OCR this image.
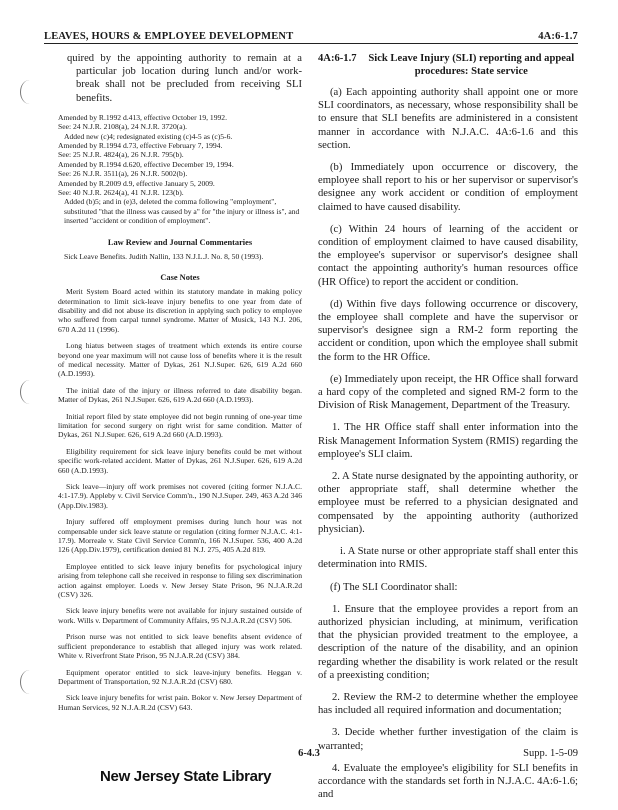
LEAVES, HOURS & EMPLOYEE DEVELOPMENT	4A:6-1.7

quired by the appointing authority to remain at a particular job location during lunch and/or work-break shall not be precluded from receiving SLI benefits.

Amended by R.1992 d.413, effective October 19, 1992.
See: 24 N.J.R. 2108(a), 24 N.J.R. 3720(a).
Added new (c)4; redesignated existing (c)4-5 as (c)5-6.
Amended by R.1994 d.73, effective February 7, 1994.
See: 25 N.J.R. 4824(a), 26 N.J.R. 795(b).
Amended by R.1994 d.620, effective December 19, 1994.
See: 26 N.J.R. 3511(a), 26 N.J.R. 5002(b).
Amended by R.2009 d.9, effective January 5, 2009.
See: 40 N.J.R. 2624(a), 41 N.J.R. 123(b).
Added (b)5; and in (e)3, deleted the comma following "employment", substituted "that the illness was caused by a" for "the injury or illness is", and inserted "accident or condition of employment".
Law Review and Journal Commentaries

Sick Leave Benefits. Judith Nallin, 133 N.J.L.J. No. 8, 50 (1993).

Case Notes

Merit System Board acted within its statutory mandate in making policy determination to limit sick-leave injury benefits to one year from date of disability and did not abuse its discretion in applying such policy to employee who suffered from carpal tunnel syndrome. Matter of Musick, 143 N.J. 206, 670 A.2d 11 (1996).

Long hiatus between stages of treatment which extends its entire course beyond one year maximum will not cause loss of benefits where it is the result of medical necessity. Matter of Dykas, 261 N.J.Super. 626, 619 A.2d 660 (A.D.1993).

The initial date of the injury or illness referred to date disability began. Matter of Dykas, 261 N.J.Super. 626, 619 A.2d 660 (A.D.1993).

Initial report filed by state employee did not begin running of one-year time limitation for second surgery on right wrist for same condition. Matter of Dykas, 261 N.J.Super. 626, 619 A.2d 660 (A.D.1993).

Eligibility requirement for sick leave injury benefits could be met without specific work-related accident. Matter of Dykas, 261 N.J.Super. 626, 619 A.2d 660 (A.D.1993).

Sick leave—injury off work premises not covered (citing former N.J.A.C. 4:1-17.9). Appleby v. Civil Service Comm'n., 190 N.J.Super. 249, 463 A.2d 346 (App.Div.1983).

Injury suffered off employment premises during lunch hour was not compensable under sick leave statute or regulation (citing former N.J.A.C. 4:1-17.9). Morreale v. State Civil Service Comm'n, 166 N.J.Super. 536, 400 A.2d 126 (App.Div.1979), certification denied 81 N.J. 275, 405 A.2d 819.

Employee entitled to sick leave injury benefits for psychological injury arising from telephone call she received in response to filing sex discrimination action against employer. Loeds v. New Jersey State Prison, 96 N.J.A.R.2d (CSV) 326.

Sick leave injury benefits were not available for injury sustained outside of work. Wills v. Department of Community Affairs, 95 N.J.A.R.2d (CSV) 506.

Prison nurse was not entitled to sick leave benefits absent evidence of sufficient preponderance to establish that alleged injury was work related. White v. Riverfront State Prison, 95 N.J.A.R.2d (CSV) 384.

Equipment operator entitled to sick leave-injury benefits. Heggan v. Department of Transportation, 92 N.J.A.R.2d (CSV) 680.

Sick leave injury benefits for wrist pain. Bokor v. New Jersey Department of Human Services, 92 N.J.A.R.2d (CSV) 643.

4A:6-1.7	Sick Leave Injury (SLI) reporting and appeal procedures: State service

(a) Each appointing authority shall appoint one or more SLI coordinators, as necessary, whose responsibility shall be to ensure that SLI benefits are administered in a consistent manner in accordance with N.J.A.C. 4A:6-1.6 and this section.

(b) Immediately upon occurrence or discovery, the employee shall report to his or her supervisor or supervisor's designee any work accident or condition of employment claimed to have caused disability.

(c) Within 24 hours of learning of the accident or condition of employment claimed to have caused disability, the employee's supervisor or supervisor's designee shall contact the appointing authority's human resources office (HR Office) to report the accident or condition.

(d) Within five days following occurrence or discovery, the employee shall complete and have the supervisor or supervisor's designee sign a RM-2 form reporting the accident or condition, upon which the employee shall submit the form to the HR Office.

(e) Immediately upon receipt, the HR Office shall forward a hard copy of the completed and signed RM-2 form to the Division of Risk Management, Department of the Treasury.

1. The HR Office staff shall enter information into the Risk Management Information System (RMIS) regarding the employee's SLI claim.

2. A State nurse designated by the appointing authority, or other appropriate staff, shall determine whether the employee must be referred to a physician designated and compensated by the appointing authority (authorized physician).

i. A State nurse or other appropriate staff shall enter this determination into RMIS.

(f) The SLI Coordinator shall:

1. Ensure that the employee provides a report from an authorized physician including, at minimum, verification that the physician provided treatment to the employee, a description of the nature of the disability, and an opinion regarding whether the disability is work related or the result of a preexisting condition;

2. Review the RM-2 to determine whether the employee has included all required information and documentation;

3. Decide whether further investigation of the claim is warranted;

4. Evaluate the employee's eligibility for SLI benefits in accordance with the standards set forth in N.J.A.C. 4A:6-1.6; and

6-4.3	Supp. 1-5-09
New Jersey State Library
